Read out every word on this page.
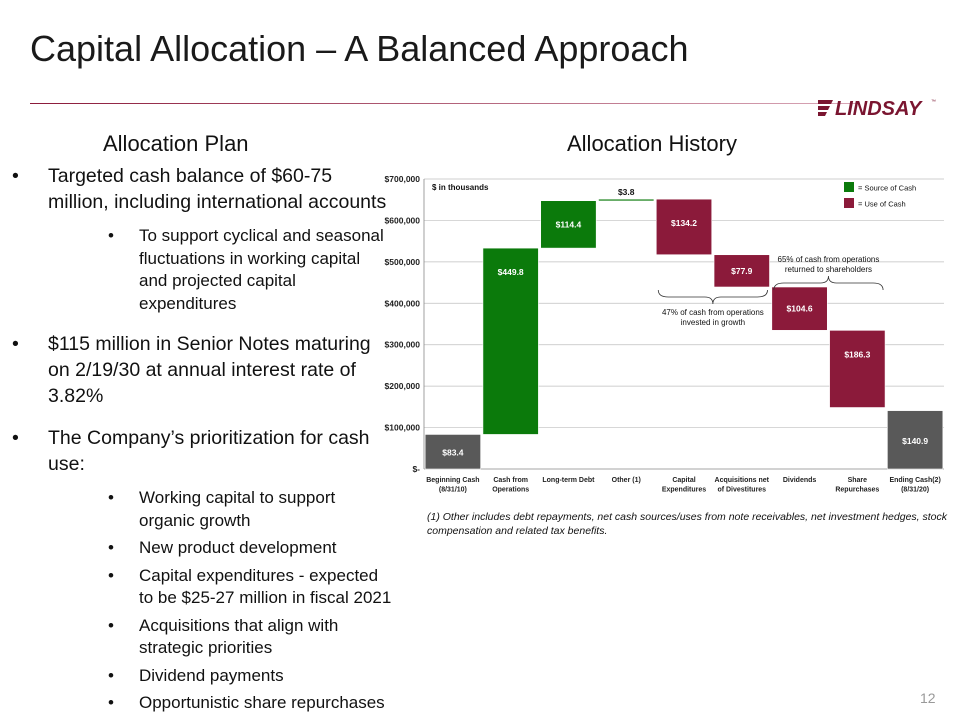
Capital Allocation – A Balanced Approach
LINDSAY	™
Allocation Plan	Allocation History
• Targeted cash balance of $60-75 million, including international accounts
• To support cyclical and seasonal fluctuations in working capital and projected capital expenditures
• $115 million in Senior Notes maturing on 2/19/30 at annual interest rate of 3.82%
• The Company’s prioritization for cash use:
• Working capital to support organic growth
• New product development
• Capital expenditures - expected to be $25-27 million in fiscal 2021
• Acquisitions that align with strategic priorities
• Dividend payments
• Opportunistic share repurchases
$-
$100,000
$200,000
$300,000
$400,000
$500,000
$600,000
$700,000
$ in thousands
$83.4
$449.8
$114.4
$3.8
$134.2
$77.9
$104.6
$186.3
$140.9
Beginning Cash
(8/31/10)
Cash from
Operations
Long-term Debt Other (1)	Capital
Expenditures
Acquisitions net
of Divestitures
Dividends	Share
Repurchases
Ending Cash(2)
(8/31/20)
= Source of Cash
= Use of Cash
47% of cash from operations
invested in growth
65% of cash from operations
returned to shareholders
(1) Other includes debt repayments, net cash sources/uses from note receivables, net investment hedges, stock compensation and related tax benefits.
12
